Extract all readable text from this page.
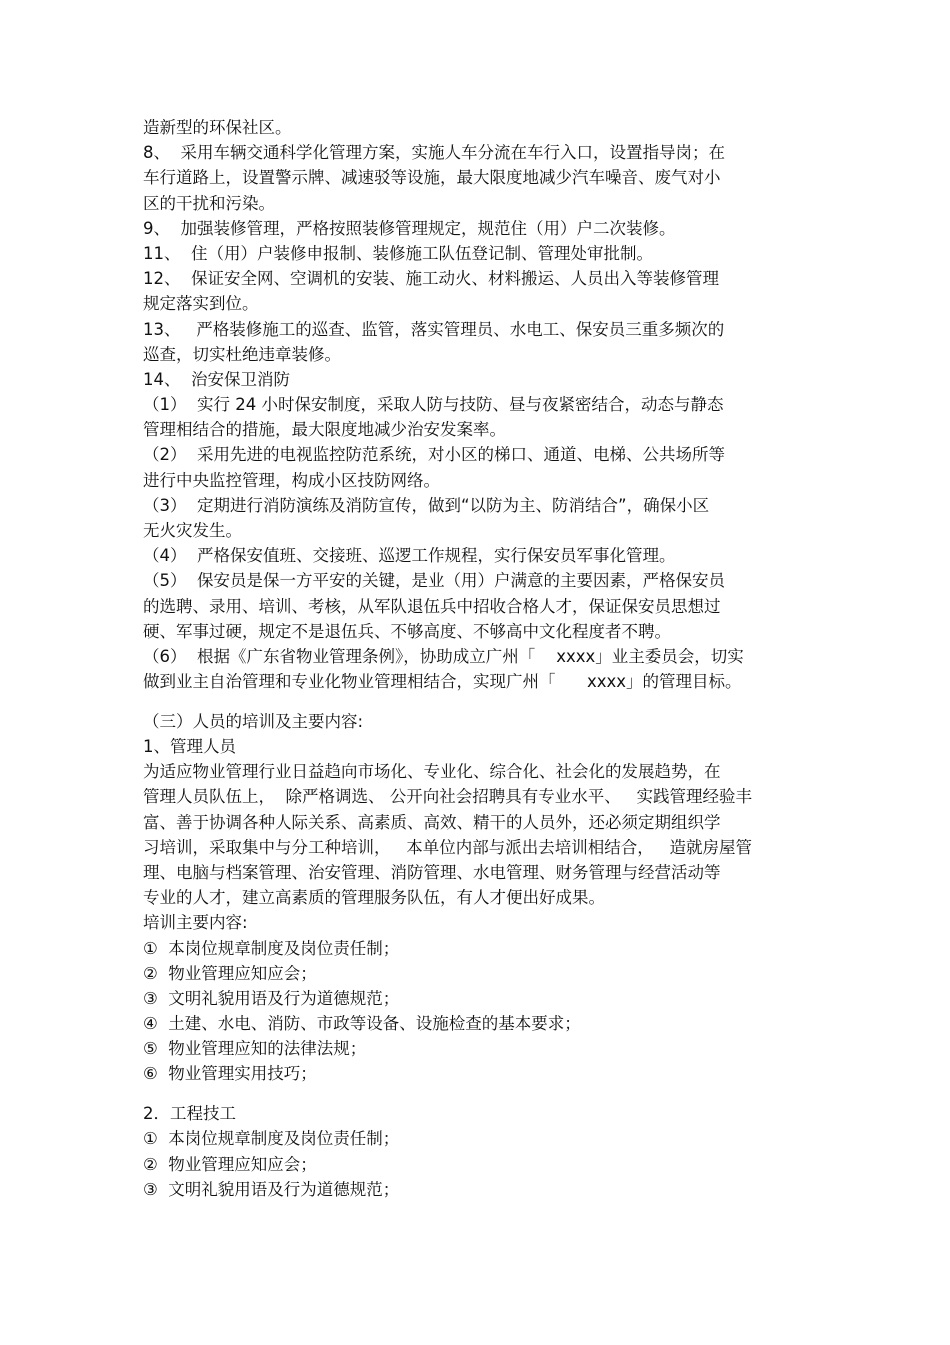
造新型的环保社区。
8、  采用车辆交通科学化管理方案，实施人车分流在车行入口，设置指导岗；在
车行道路上，设置警示牌、减速驳等设施，最大限度地减少汽车噪音、废气对小
区的干扰和污染。
9、  加强装修管理，严格按照装修管理规定，规范住（用）户二次装修。
11、  住（用）户装修申报制、装修施工队伍登记制、管理处审批制。
12、  保证安全网、空调机的安装、施工动火、材料搬运、人员出入等装修管理
规定落实到位。
13、   严格装修施工的巡查、监管，落实管理员、水电工、保安员三重多频次的
巡查，切实杜绝违章装修。
14、  治安保卫消防
（1）  实行 24 小时保安制度，采取人防与技防、昼与夜紧密结合，动态与静态
管理相结合的措施，最大限度地减少治安发案率。
（2）  采用先进的电视监控防范系统，对小区的梯口、通道、电梯、公共场所等
进行中央监控管理，构成小区技防网络。
（3）  定期进行消防演练及消防宣传，做到“以防为主、防消结合”，确保小区
无火灾发生。
（4）  严格保安值班、交接班、巡逻工作规程，实行保安员军事化管理。
（5）  保安员是保一方平安的关键，是业（用）户满意的主要因素，严格保安员
的选聘、录用、培训、考核，从军队退伍兵中招收合格人才，保证保安员思想过
硬、军事过硬，规定不是退伍兵、不够高度、不够高中文化程度者不聘。
（6）  根据《广东省物业管理条例》，协助成立广州「    xxxx」业主委员会，切实
做到业主自治管理和专业化物业管理相结合，实现广州「      xxxx」的管理目标。
（三）人员的培训及主要内容:
1、管理人员
为适应物业管理行业日益趋向市场化、专业化、综合化、社会化的发展趋势，在
管理人员队伍上，  除严格调选、 公开向社会招聘具有专业水平、   实践管理经验丰
富、善于协调各种人际关系、高素质、高效、精干的人员外，还必须定期组织学
习培训，采取集中与分工种培训，   本单位内部与派出去培训相结合，   造就房屋管
理、电脑与档案管理、治安管理、消防管理、水电管理、财务管理与经营活动等
专业的人才，建立高素质的管理服务队伍，有人才便出好成果。
培训主要内容:
①  本岗位规章制度及岗位责任制；
②  物业管理应知应会；
③  文明礼貌用语及行为道德规范；
④  土建、水电、消防、市政等设备、设施检查的基本要求；
⑤  物业管理应知的法律法规；
⑥  物业管理实用技巧；
2．工程技工
①  本岗位规章制度及岗位责任制；
②  物业管理应知应会；
③  文明礼貌用语及行为道德规范；
